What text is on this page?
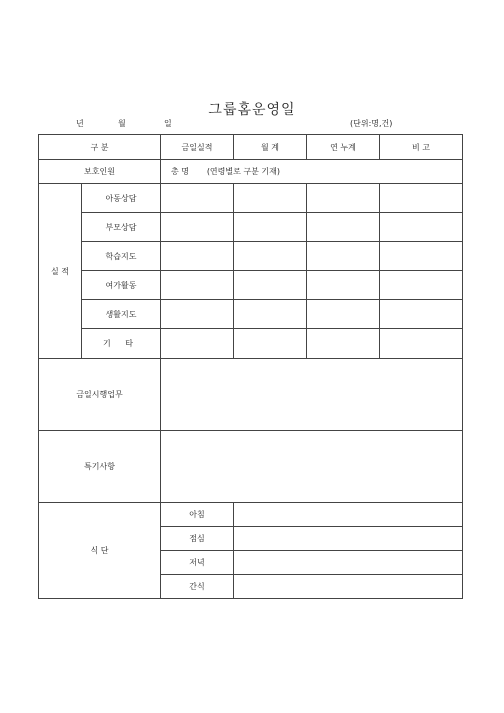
그룹홈운영일
년	월	일	(단위:명,건)
구 분		금일실적	월 계	연 누계	비 고
보호인원		총 명 (연령별로 구분 기재)			
실 적	아동상담				
	부모상담				
	학습지도				
	여가활동				
	생활지도				
	기 타				
금일시행업무					
특기사항					
식 단		아침			
		점심			
		저녁			
		간식			
